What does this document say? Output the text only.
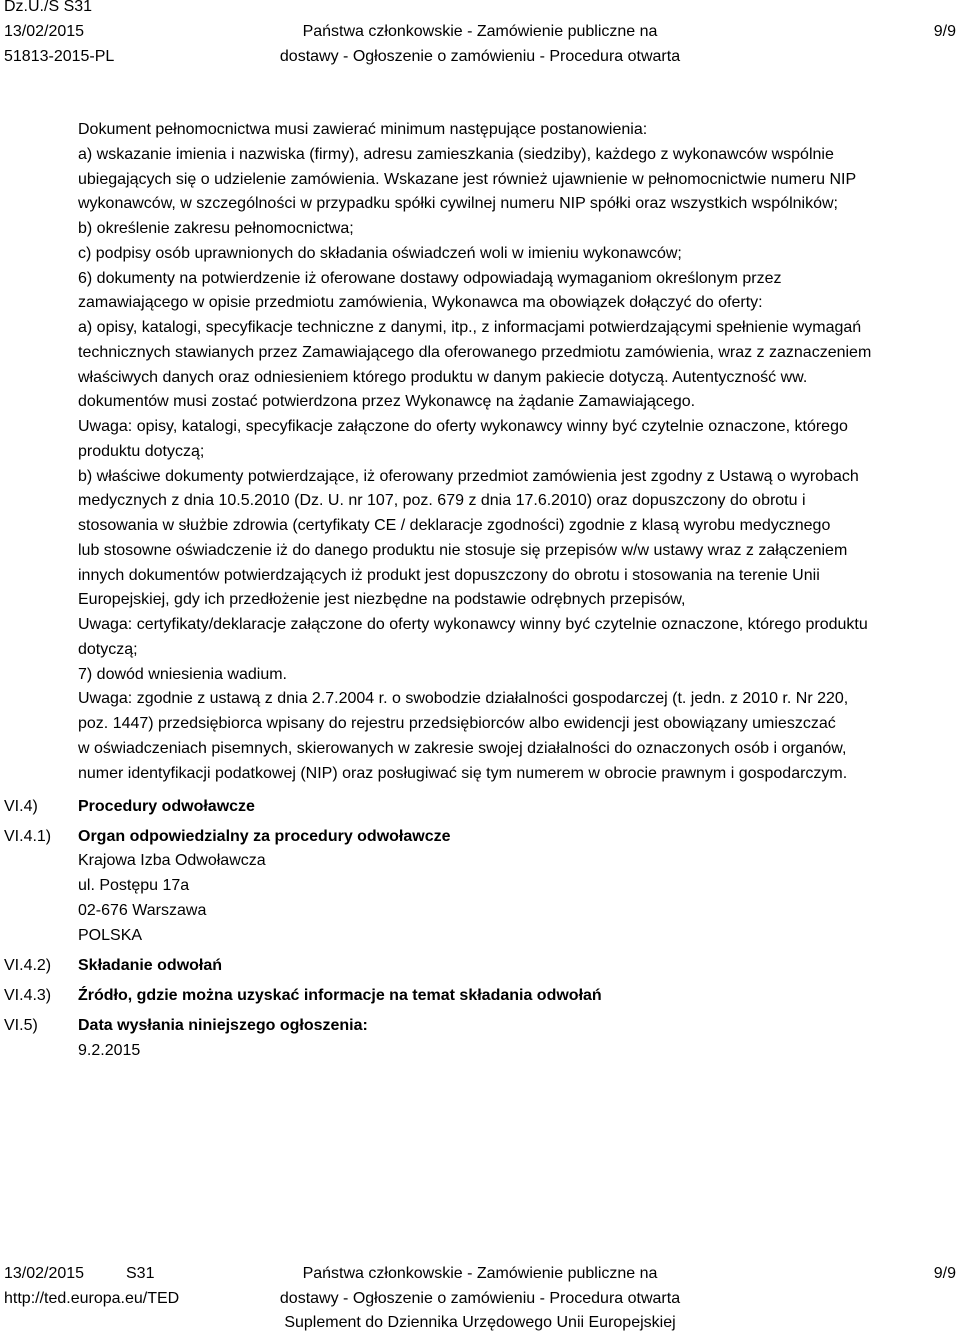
Dz.U./S S31
13/02/2015
51813-2015-PL
Państwa członkowskie - Zamówienie publiczne na
dostawy - Ogłoszenie o zamówieniu - Procedura otwarta
9/9

Dokument pełnomocnictwa musi zawierać minimum następujące postanowienia:

a) wskazanie imienia i nazwiska (firmy), adresu zamieszkania (siedziby), każdego z wykonawców wspólnie

ubiegających się o udzielenie zamówienia. Wskazane jest również ujawnienie w pełnomocnictwie numeru NIP

wykonawców, w szczególności w przypadku spółki cywilnej numeru NIP spółki oraz wszystkich wspólników;

b) określenie zakresu pełnomocnictwa;

c) podpisy osób uprawnionych do składania oświadczeń woli w imieniu wykonawców;

6) dokumenty na potwierdzenie iż oferowane dostawy odpowiadają wymaganiom określonym przez

zamawiającego w opisie przedmiotu zamówienia, Wykonawca ma obowiązek dołączyć do oferty:

a) opisy, katalogi, specyfikacje techniczne z danymi, itp., z informacjami potwierdzającymi spełnienie wymagań

technicznych stawianych przez Zamawiającego dla oferowanego przedmiotu zamówienia, wraz z zaznaczeniem

właściwych danych oraz odniesieniem którego produktu w danym pakiecie dotyczą. Autentyczność ww.

dokumentów musi zostać potwierdzona przez Wykonawcę na żądanie Zamawiającego.

Uwaga: opisy, katalogi, specyfikacje załączone do oferty wykonawcy winny być czytelnie oznaczone, którego

produktu dotyczą;

b) właściwe dokumenty potwierdzające, iż oferowany przedmiot zamówienia jest zgodny z Ustawą o wyrobach

medycznych z dnia 10.5.2010 (Dz. U. nr 107, poz. 679 z dnia 17.6.2010) oraz dopuszczony do obrotu i

stosowania w służbie zdrowia (certyfikaty CE / deklaracje zgodności) zgodnie z klasą wyrobu medycznego

lub stosowne oświadczenie iż do danego produktu nie stosuje się przepisów w/w ustawy wraz z załączeniem

innych dokumentów potwierdzających iż produkt jest dopuszczony do obrotu i stosowania na terenie Unii

Europejskiej, gdy ich przedłożenie jest niezbędne na podstawie odrębnych przepisów,

Uwaga: certyfikaty/deklaracje załączone do oferty wykonawcy winny być czytelnie oznaczone, którego produktu

dotyczą;

7) dowód wniesienia wadium.

Uwaga: zgodnie z ustawą z dnia 2.7.2004 r. o swobodzie działalności gospodarczej (t. jedn. z 2010 r. Nr 220,

poz. 1447) przedsiębiorca wpisany do rejestru przedsiębiorców albo ewidencji jest obowiązany umieszczać

w oświadczeniach pisemnych, skierowanych w zakresie swojej działalności do oznaczonych osób i organów,

numer identyfikacji podatkowej (NIP) oraz posługiwać się tym numerem w obrocie prawnym i gospodarczym.

VI.4)	Procedury odwoławcze
VI.4.1)	Organ odpowiedzialny za procedury odwoławcze
Krajowa Izba Odwoławcza
ul. Postępu 17a
02-676 Warszawa
POLSKA
VI.4.2)	Składanie odwołań
VI.4.3)	Źródło, gdzie można uzyskać informacje na temat składania odwołań
VI.5)	Data wysłania niniejszego ogłoszenia:
9.2.2015
13/02/2015	S31
http://ted.europa.eu/TED
Państwa członkowskie - Zamówienie publiczne na
dostawy - Ogłoszenie o zamówieniu - Procedura otwarta
Suplement do Dziennika Urzędowego Unii Europejskiej
9/9
